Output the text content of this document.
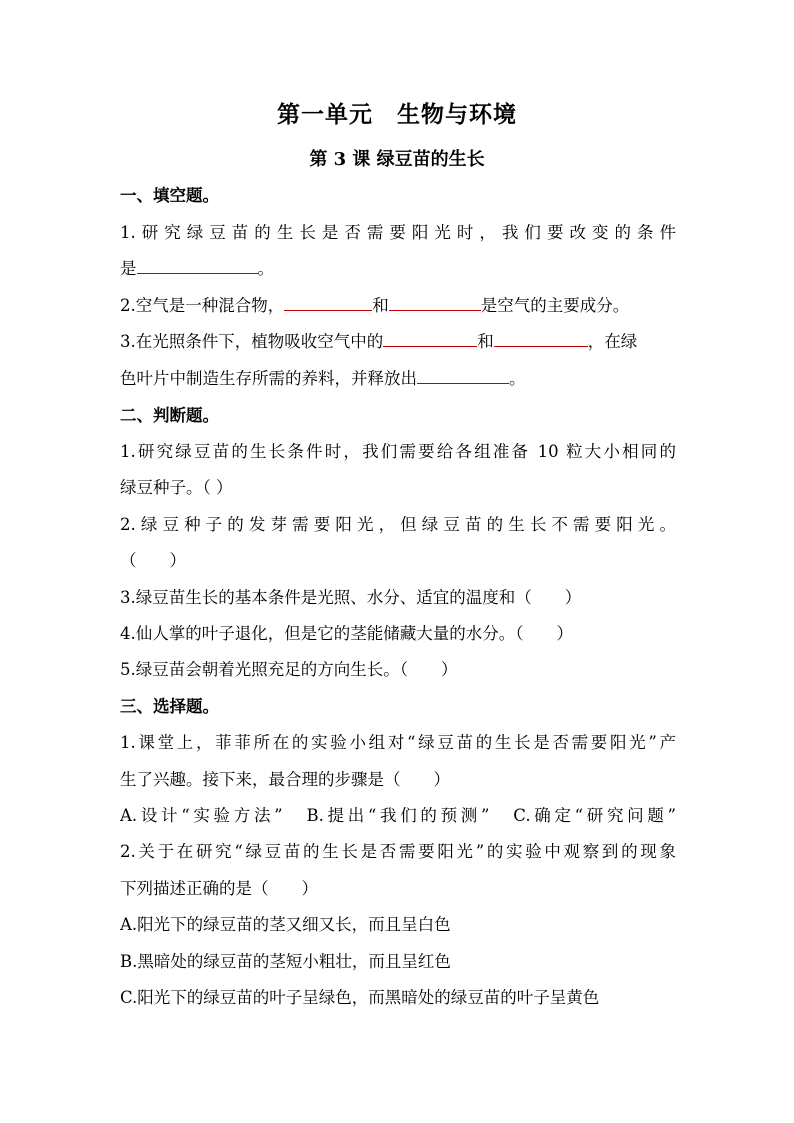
第一单元　生物与环境
第 3 课 绿豆苗的生长
一、填空题。
1.研究绿豆苗的生长是否需要阳光时，我们要改变的条件
是	。
2.空气是一种混合物，	和	是空气的主要成分。
3.在光照条件下，植物吸收空气中的	和	，在绿
色叶片中制造生存所需的养料，并释放出	。
二、判断题。
1.研究绿豆苗的生长条件时，我们需要给各组准备 10 粒大小相同的
绿豆种子。（ ）
2.绿豆种子的发芽需要阳光，但绿豆苗的生长不需要阳光。
（　　）
3.绿豆苗生长的基本条件是光照、水分、适宜的温度和（　　）
4.仙人掌的叶子退化，但是它的茎能储藏大量的水分。（　　）
5.绿豆苗会朝着光照充足的方向生长。（　　）
三、选择题。
1.课堂上，菲菲所在的实验小组对“绿豆苗的生长是否需要阳光”产
生了兴趣。接下来，最合理的步骤是（　　）
A.设计“实验方法”　B.提出“我们的预测”　C.确定“研究问题”
2.关于在研究“绿豆苗的生长是否需要阳光”的实验中观察到的现象
下列描述正确的是（　　）
A.阳光下的绿豆苗的茎又细又长，而且呈白色
B.黑暗处的绿豆苗的茎短小粗壮，而且呈红色
C.阳光下的绿豆苗的叶子呈绿色，而黑暗处的绿豆苗的叶子呈黄色
